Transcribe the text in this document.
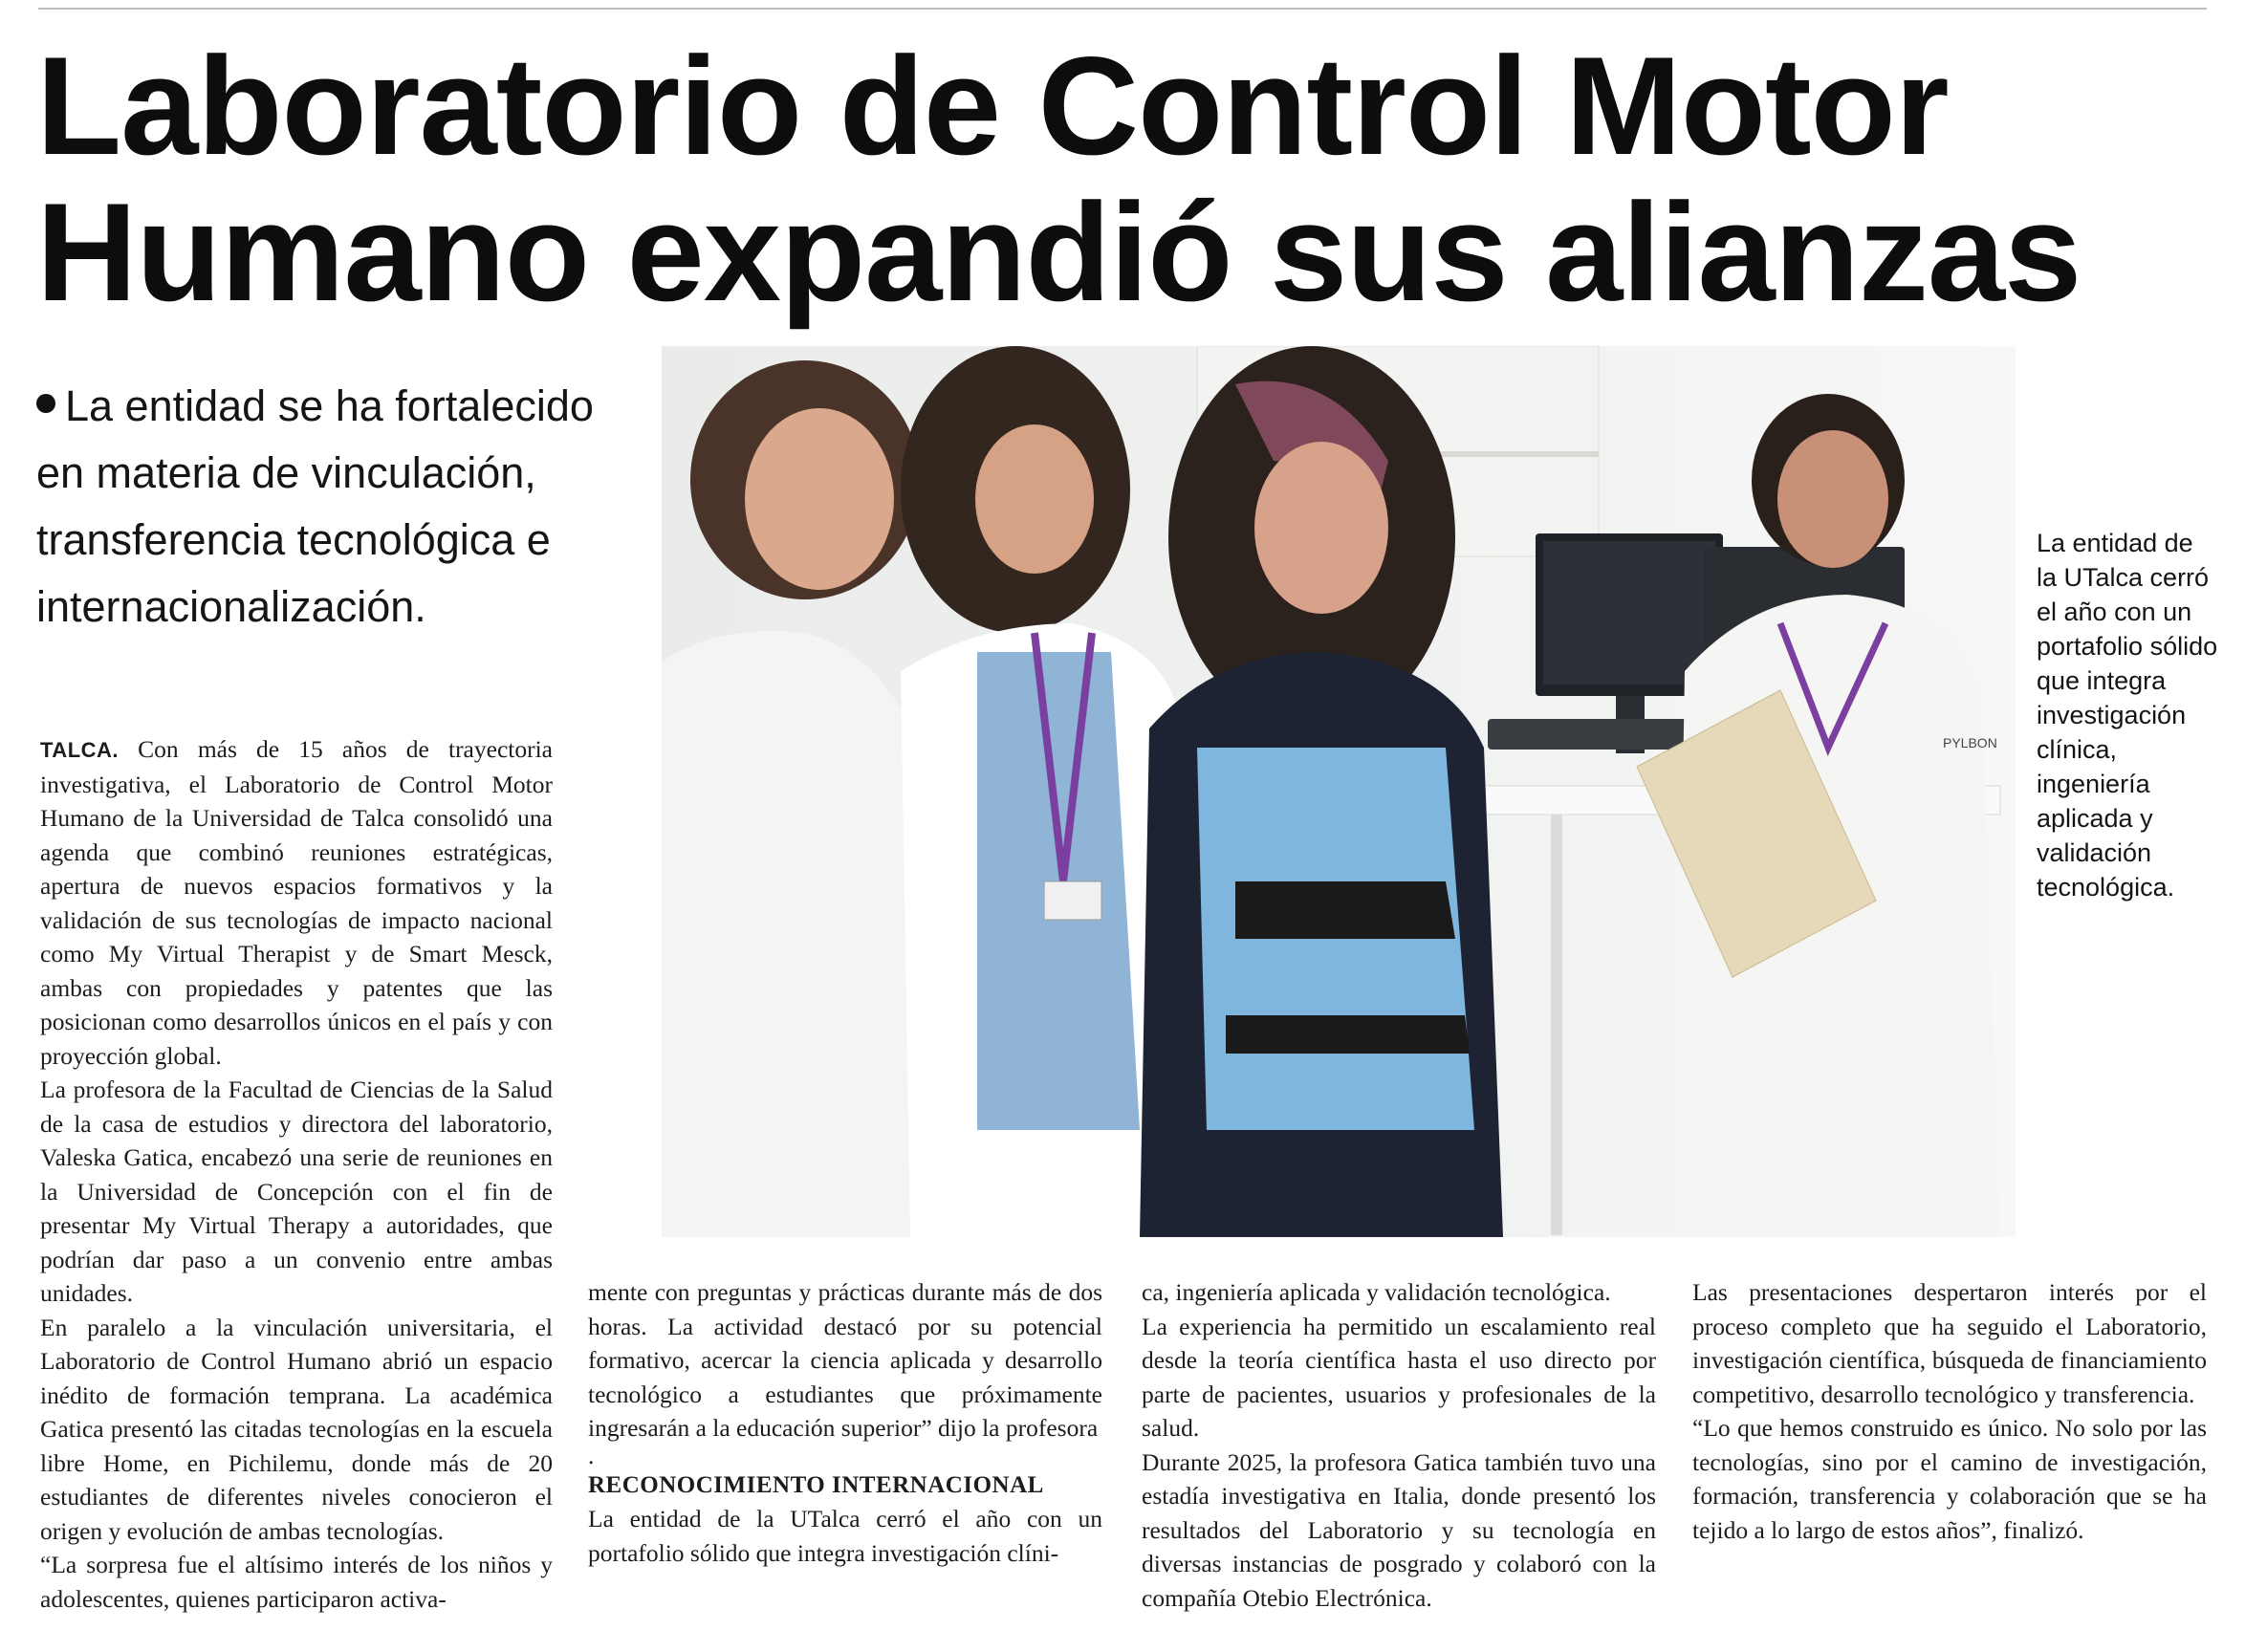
Laboratorio de Control Motor
Humano expandió sus alianzas
La entidad se ha fortalecido en materia de vinculación, transferencia tecnológica e internacionalización.
PYLBON
La entidad de la UTalca cerró el año con un portafolio sólido que integra investigación clínica, ingeniería aplicada y validación tecnológica.

TALCA. Con más de 15 años de trayectoria investigativa, el Laboratorio de Control Motor Humano de la Universidad de Talca consolidó una agenda que combinó reuniones estratégicas, apertura de nuevos espacios formativos y la validación de sus tecnologías de impacto nacional como My Virtual Therapist y de Smart Mesck, ambas con propiedades y patentes que las posicionan como desarrollos únicos en el país y con proyección global.

La profesora de la Facultad de Ciencias de la Salud de la casa de estudios y directora del laboratorio, Valeska Gatica, encabezó una serie de reuniones en la Universidad de Concepción con el fin de presentar My Virtual Therapy a autoridades, que podrían dar paso a un convenio entre ambas unidades.

En paralelo a la vinculación universitaria, el Laboratorio de Control Humano abrió un espacio inédito de formación temprana. La académica Gatica presentó las citadas tecnologías en la escuela libre Home, en Pichilemu, donde más de 20 estudiantes de diferentes niveles conocieron el origen y evolución de ambas tecnologías.

“La sorpresa fue el altísimo interés de los niños y adolescentes, quienes participaron activa-

mente con preguntas y prácticas durante más de dos horas. La actividad destacó por su potencial formativo, acercar la ciencia aplicada y desarrollo tecnológico a estudiantes que próximamente ingresarán a la educación superior” dijo la profesora

.

RECONOCIMIENTO INTERNACIONAL

La entidad de la UTalca cerró el año con un portafolio sólido que integra investigación clíni-

ca, ingeniería aplicada y validación tecnológica.

La experiencia ha permitido un escalamiento real desde la teoría científica hasta el uso directo por parte de pacientes, usuarios y profesionales de la salud.

Durante 2025, la profesora Gatica también tuvo una estadía investigativa en Italia, donde presentó los resultados del Laboratorio y su tecnología en diversas instancias de posgrado y colaboró con la compañía Otebio Electrónica.

Las presentaciones despertaron interés por el proceso completo que ha seguido el Laboratorio, investigación científica, búsqueda de financiamiento competitivo, desarrollo tecnológico y transferencia.

“Lo que hemos construido es único. No solo por las tecnologías, sino por el camino de investigación, formación, transferencia y colaboración que se ha tejido a lo largo de estos años”, finalizó.
